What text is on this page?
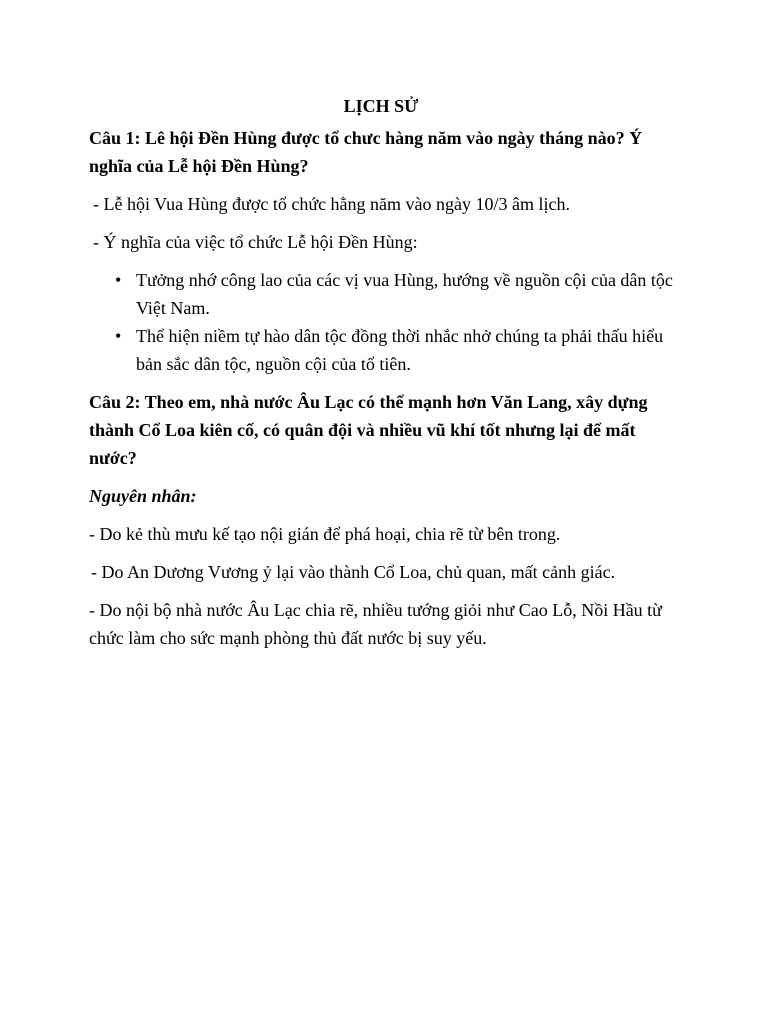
LỊCH SỬ
Câu 1: Lê hội Đền Hùng được tổ chưc hàng năm vào ngày tháng nào? Ý nghĩa của Lễ hội Đền Hùng?
- Lễ hội Vua Hùng được tổ chức hằng năm vào ngày 10/3 âm lịch.
- Ý nghĩa của việc tổ chức Lễ hội Đền Hùng:
• Tưởng nhớ công lao của các vị vua Hùng, hướng về nguồn cội của dân tộc Việt Nam.
• Thể hiện niềm tự hào dân tộc đồng thời nhắc nhở chúng ta phải thấu hiểu bản sắc dân tộc, nguồn cội của tổ tiên.
Câu 2: Theo em, nhà nước Âu Lạc có thể mạnh hơn Văn Lang, xây dựng thành Cổ Loa kiên cố, có quân đội và nhiều vũ khí tốt nhưng lại để mất nước?
Nguyên nhân:
- Do kẻ thù mưu kế tạo nội gián để phá hoại, chia rẽ từ bên trong.
- Do An Dương Vương ỷ lại vào thành Cổ Loa, chủ quan, mất cảnh giác.
- Do nội bộ nhà nước Âu Lạc chia rẽ, nhiều tướng giỏi như Cao Lỗ, Nồi Hầu từ chức làm cho sức mạnh phòng thủ đất nước bị suy yếu.
